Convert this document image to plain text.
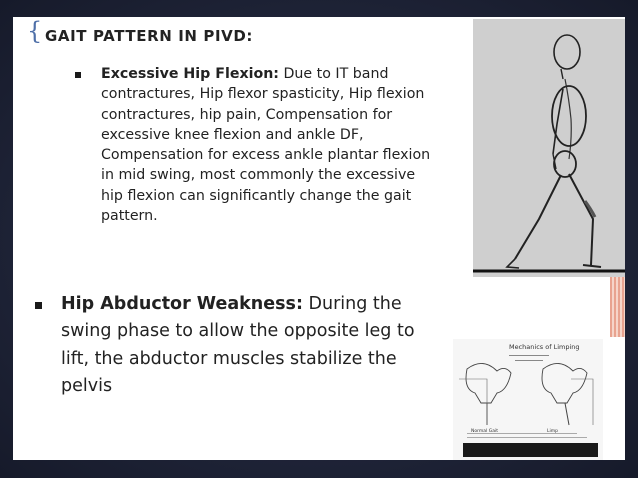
{ GAIT PATTERN IN PIVD:
Excessive Hip Flexion: Due to IT band contractures, Hip flexor spasticity, Hip flexion contractures, hip pain, Compensation for excessive knee flexion and ankle DF, Compensation for excess ankle plantar flexion in mid swing, most commonly the excessive hip flexion can significantly change the gait pattern.
Hip Abductor Weakness: During the swing phase to allow the opposite leg to lift, the abductor muscles stabilize the pelvis
Mechanics of Limping
Normal Gait	Limp
